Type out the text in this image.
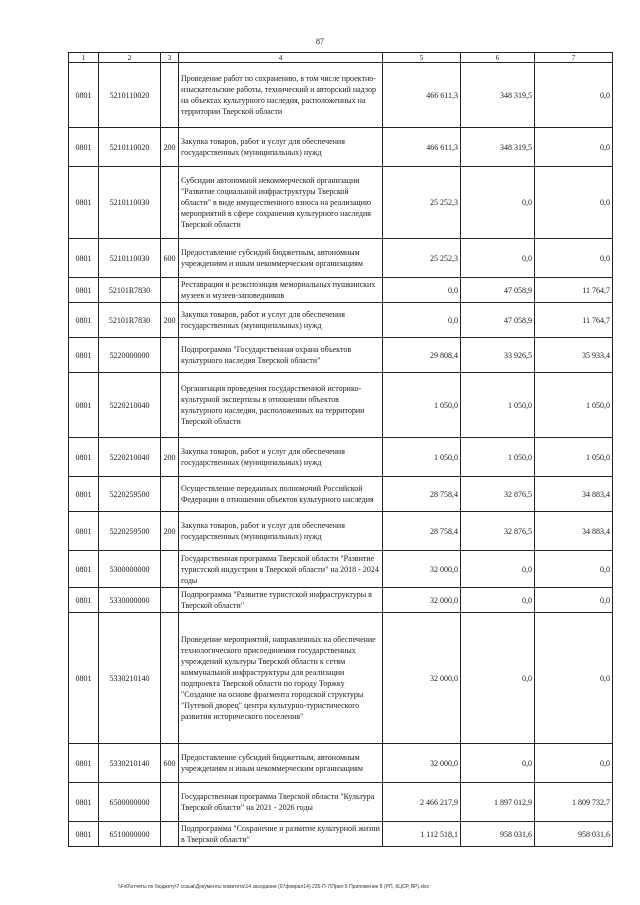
87
1	2	3	4	5	6	7
0801	5210110020		Проведение работ по сохранению, в том числе проектно-изыскательские работы, технический и авторский надзор на объектах культурного наследия, расположенных на территории Тверской области	466 611,3	348 319,5	0,0
0801	5210110020	200	Закупка товаров, работ и услуг для обеспечения государственных (муниципальных) нужд	466 611,3	348 319,5	0,0
0801	5210110030		Субсидии автономной некоммерческой организации "Развитие социальной инфраструктуры Тверской области" в виде имущественного взноса на реализацию мероприятий в сфере сохранения культурного наследия Тверской области	25 252,3	0,0	0,0
0801	5210110030	600	Предоставление субсидий бюджетным, автономным учреждениям и иным некоммерческим организациям	25 252,3	0,0	0,0
0801	52101R7830		Реставрация и реэкспозиция мемориальных пушкинских музеев и музеев-заповедников	0,0	47 058,9	11 764,7
0801	52101R7830	200	Закупка товаров, работ и услуг для обеспечения государственных (муниципальных) нужд	0,0	47 058,9	11 764,7
0801	5220000000		Подпрограмма "Государственная охрана объектов культурного наследия Тверской области"	29 808,4	33 926,5	35 933,4
0801	5220210040		Организация проведения государственной историко-культурной экспертизы в отношении объектов культурного наследия, расположенных на территории Тверской области	1 050,0	1 050,0	1 050,0
0801	5220210040	200	Закупка товаров, работ и услуг для обеспечения государственных (муниципальных) нужд	1 050,0	1 050,0	1 050,0
0801	5220259500		Осуществление переданных полномочий Российской Федерации в отношении объектов культурного наследия	28 758,4	32 876,5	34 883,4
0801	5220259500	200	Закупка товаров, работ и услуг для обеспечения государственных (муниципальных) нужд	28 758,4	32 876,5	34 883,4
0801	5300000000		Государственная программа Тверской области "Развитие туристской индустрии в Тверской области" на 2018 - 2024 годы	32 000,0	0,0	0,0
0801	5330000000		Подпрограмма "Развитие туристской инфраструктуры в Тверской области"	32 000,0	0,0	0,0
0801	5330210140		Проведение мероприятий, направленных на обеспечение технологического присоединения государственных учреждений культуры Тверской области к сетям коммунальной инфраструктуры для реализации подпроекта Тверской области по городу Торжку "Создание на основе фрагмента городской структуры "Путевой дворец" центра культурно-туристического развития исторического поселения"	32 000,0	0,0	0,0
0801	5330210140	600	Предоставление субсидий бюджетным, автономным учреждениям и иным некоммерческим организациям	32 000,0	0,0	0,0
0801	6500000000		Государственная программа Тверской области "Культура Тверской области" на 2021 - 2026 годы	2 466 217,9	1 897 012,9	1 809 732,7
0801	6510000000		Подпрограмма "Сохранение и развитие культурной жизни в Тверской области"	1 112 518,1	958 031,6	958 031,6
\\Fs0\отчеты по бюджету\7 созыв\Документы комитета\14 заседание (07феврал14) 235-П-7\Прил 5 Приложение 8 (РП, КЦСР, ВР).xlsx
